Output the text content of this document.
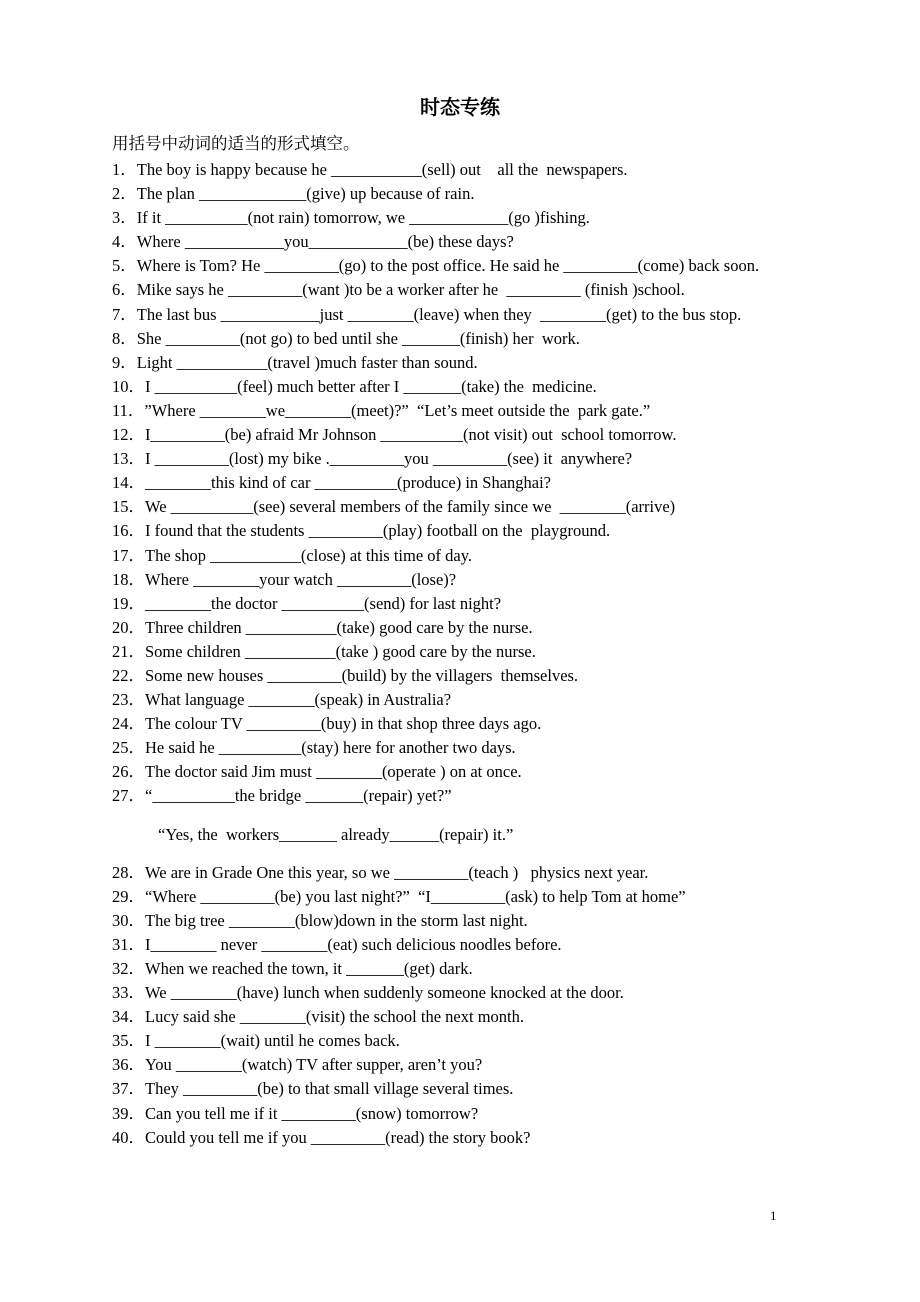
时态专练
用括号中动词的适当的形式填空。
1． The boy is happy because he ___________(sell) out    all the  newspapers.
2． The plan _____________(give) up because of rain.
3． If it __________(not rain) tomorrow, we ____________(go )fishing.
4． Where ____________you____________(be) these days?
5． Where is Tom? He _________(go) to the post office. He said he _________(come) back soon.
6． Mike says he _________(want )to be a worker after he  _________ (finish )school.
7． The last bus ____________just ________(leave) when they  ________(get) to the bus stop.
8． She _________(not go) to bed until she _______(finish) her  work.
9． Light ___________(travel )much faster than sound.
10． I __________(feel) much better after I _______(take) the  medicine.
11． ”Where ________we________(meet)?”  “Let’s meet outside the  park gate.”
12． I_________(be) afraid Mr Johnson __________(not visit) out  school tomorrow.
13． I _________(lost) my bike ._________you _________(see) it  anywhere?
14． ________this kind of car __________(produce) in Shanghai?
15． We __________(see) several members of the family since we  ________(arrive)
16． I found that the students _________(play) football on the  playground.
17． The shop ___________(close) at this time of day.
18． Where ________your watch _________(lose)?
19． ________the doctor __________(send) for last night?
20． Three children ___________(take) good care by the nurse.
21． Some children ___________(take ) good care by the nurse.
22． Some new houses _________(build) by the villagers  themselves.
23． What language ________(speak) in Australia?
24． The colour TV _________(buy) in that shop three days ago.
25． He said he __________(stay) here for another two days.
26． The doctor said Jim must ________(operate ) on at once.
27． “__________the bridge _______(repair) yet?”
“Yes, the  workers_______ already______(repair) it.”
28． We are in Grade One this year, so we _________(teach )   physics next year.
29． “Where _________(be) you last night?”  “I_________(ask) to help Tom at home”
30． The big tree ________(blow)down in the storm last night.
31． I________ never ________(eat) such delicious noodles before.
32． When we reached the town, it _______(get) dark.
33． We ________(have) lunch when suddenly someone knocked at the door.
34． Lucy said she ________(visit) the school the next month.
35． I ________(wait) until he comes back.
36． You ________(watch) TV after supper, aren’t you?
37． They _________(be) to that small village several times.
39． Can you tell me if it _________(snow) tomorrow?
40． Could you tell me if you _________(read) the story book?
1
